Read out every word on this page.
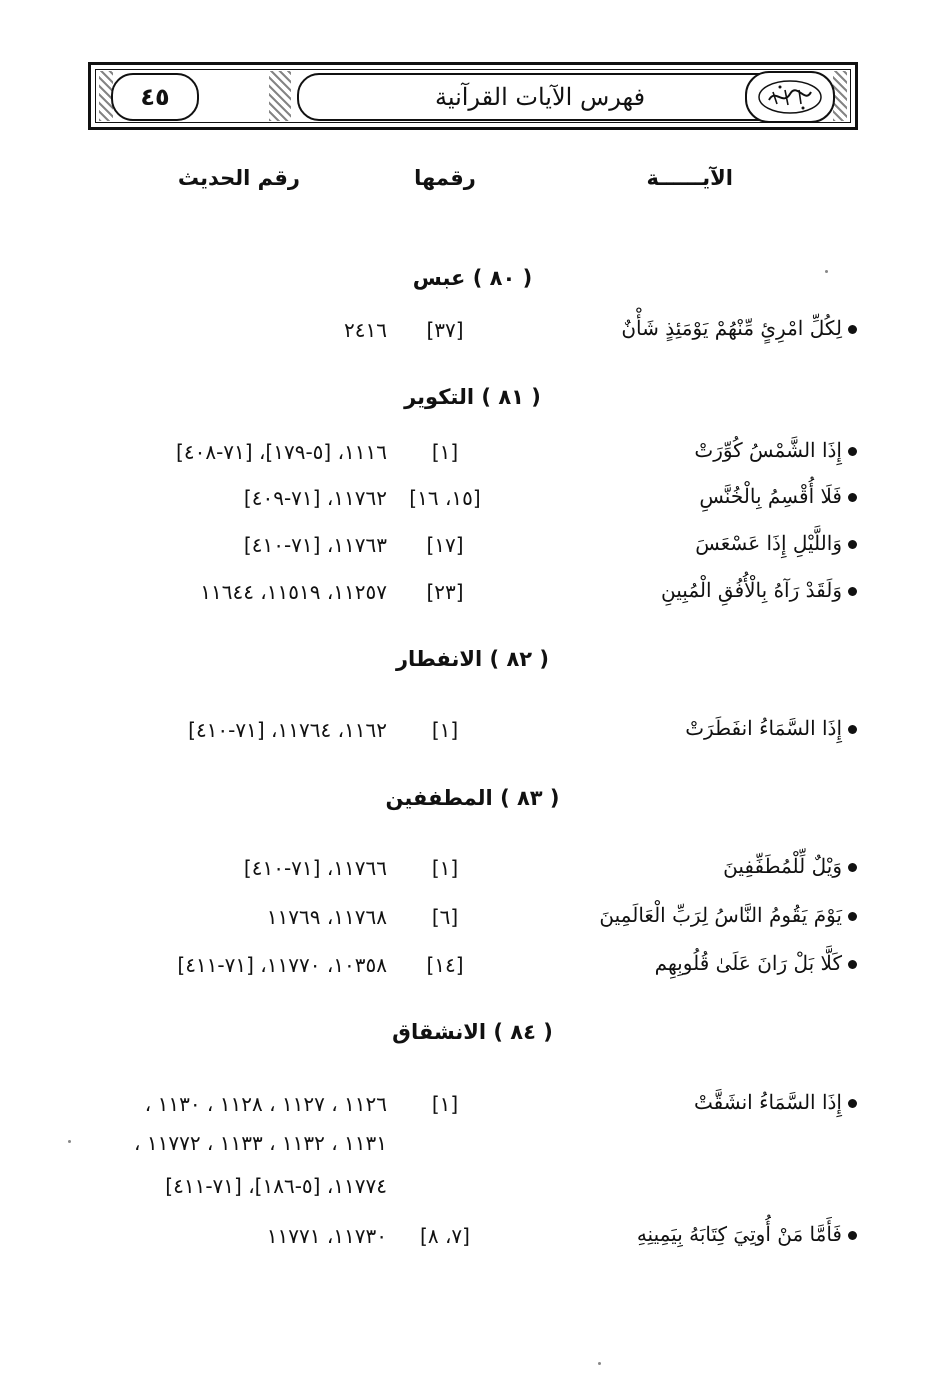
٤٥	فهرس الآيات القرآنية
الآيــــــة
رقمها
رقم الحديث
( ٨٠ ) عبس
لِكُلِّ امْرِئٍ مِّنْهُمْ يَوْمَئِذٍ شَأْنٌ
[٣٧]
٢٤١٦
( ٨١ ) التكوير
إِذَا الشَّمْسُ كُوِّرَتْ
[١]
١١١٦، [٥-١٧٩]، [٧١-٤٠٨]
فَلَا أُقْسِمُ بِالْخُنَّسِ
[١٥، ١٦]
١١٧٦٢، [٧١-٤٠٩]
وَاللَّيْلِ إِذَا عَسْعَسَ
[١٧]
١١٧٦٣، [٧١-٤١٠]
وَلَقَدْ رَآهُ بِالْأُفُقِ الْمُبِينِ
[٢٣]
١١٢٥٧، ١١٥١٩، ١١٦٤٤
( ٨٢ ) الانفطار
إِذَا السَّمَاءُ انفَطَرَتْ
[١]
١١٦٢، ١١٧٦٤، [٧١-٤١٠]
( ٨٣ ) المطففين
وَيْلٌ لِّلْمُطَفِّفِينَ
[١]
١١٧٦٦، [٧١-٤١٠]
يَوْمَ يَقُومُ النَّاسُ لِرَبِّ الْعَالَمِينَ
[٦]
١١٧٦٨، ١١٧٦٩
كَلَّا بَلْ رَانَ عَلَىٰ قُلُوبِهِم
[١٤]
١٠٣٥٨، ١١٧٧٠، [٧١-٤١١]
( ٨٤ ) الانشقاق
إِذَا السَّمَاءُ انشَقَّتْ
[١]
١١٢٦ ، ١١٢٧ ، ١١٢٨ ، ١١٣٠ ،
١١٣١ ، ١١٣٢ ، ١١٣٣ ، ١١٧٧٢ ،
١١٧٧٤، [٥-١٨٦]، [٧١-٤١١]
فَأَمَّا مَنْ أُوتِيَ كِتَابَهُ بِيَمِينِهِ
[٧، ٨]
١١٧٣٠، ١١٧٧١
